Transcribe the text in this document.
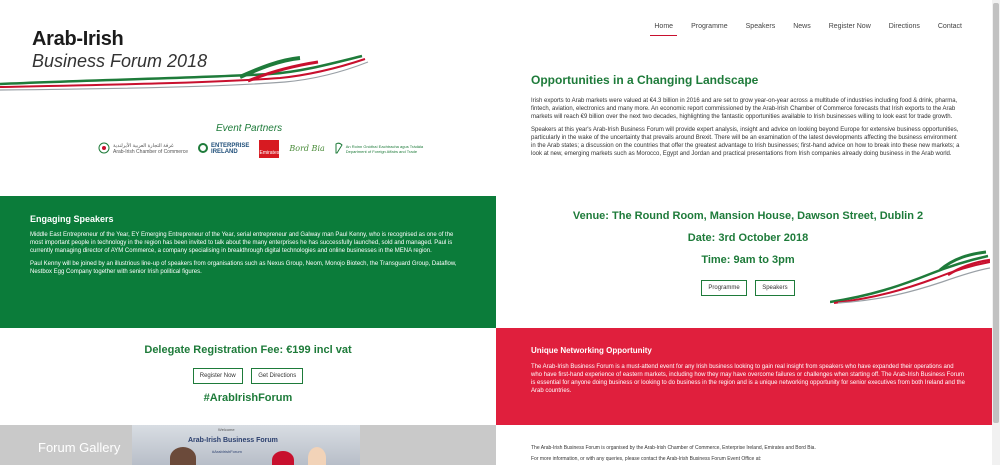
Arab-Irish
Business Forum 2018
Event Partners
غرفة التجارة العربية الأيرلندية
Arab-Irish Chamber of Commerce
ENTERPRISE
IRELAND	Emirates Bord Bia	An Roinn Gnóthaí Eachtracha agus Trádála
Department of Foreign Affairs and Trade
Home	Programme	Speakers	News	Register Now	Directions	Contact
Opportunities in a Changing Landscape

Irish exports to Arab markets were valued at €4.3 billion in 2016 and are set to grow year-on-year across a multitude of industries including food & drink, pharma, fintech, aviation, electronics and many more. An economic report commissioned by the Arab-Irish Chamber of Commerce forecasts that Irish exports to the Arab markets will reach €9 billion over the next two decades, highlighting the fantastic opportunities available to Irish businesses willing to look east for trade growth.

Speakers at this year's Arab-Irish Business Forum will provide expert analysis, insight and advice on looking beyond Europe for extensive business opportunities, particularly in the wake of the uncertainty that prevails around Brexit. There will be an examination of the latest developments affecting the business environment in the Arab states; a discussion on the countries that offer the greatest advantage to Irish businesses; first-hand advice on how to break into these new markets; a look at new, emerging markets such as Morocco, Egypt and Jordan and practical presentations from Irish companies already doing business in the Arab world.

Engaging Speakers

Middle East Entrepreneur of the Year, EY Emerging Entrepreneur of the Year, serial entrepreneur and Galway man Paul Kenny, who is recognised as one of the most important people in technology in the region has been invited to talk about the many enterprises he has successfully launched, sold and managed. Paul is currently managing director of AYM Commerce, a company specialising in breakthrough digital technologies and online businesses in the MENA region.

Paul Kenny will be joined by an illustrious line-up of speakers from organisations such as Nexus Group, Neom, Monojo Biotech, the Transguard Group, Dataflow, Nestbox Egg Company together with senior Irish political figures.

Venue: The Round Room, Mansion House, Dawson Street, Dublin 2
Date: 3rd October 2018
Time: 9am to 3pm
Programme	Speakers
Delegate Registration Fee: €199 incl vat
Register Now	Get Directions
#ArabIrishForum
Unique Networking Opportunity

The Arab-Irish Business Forum is a must-attend event for any Irish business looking to gain real insight from speakers who have expanded their operations and who have first-hand experience of eastern markets, including how they may have overcome failures or challenges when starting off. The Arab-Irish Business Forum is essential for anyone doing business or looking to do business in the region and is a unique networking opportunity for senior executives from both Ireland and the Arab countries.

Forum Gallery
Welcome
Arab-Irish Business Forum
#ArabIrishForum

The Arab-Irish Business Forum is organised by the Arab-Irish Chamber of Commerce, Enterprise Ireland, Emirates and Bord Bia.

For more information, or with any queries, please contact the Arab-Irish Business Forum Event Office at:
